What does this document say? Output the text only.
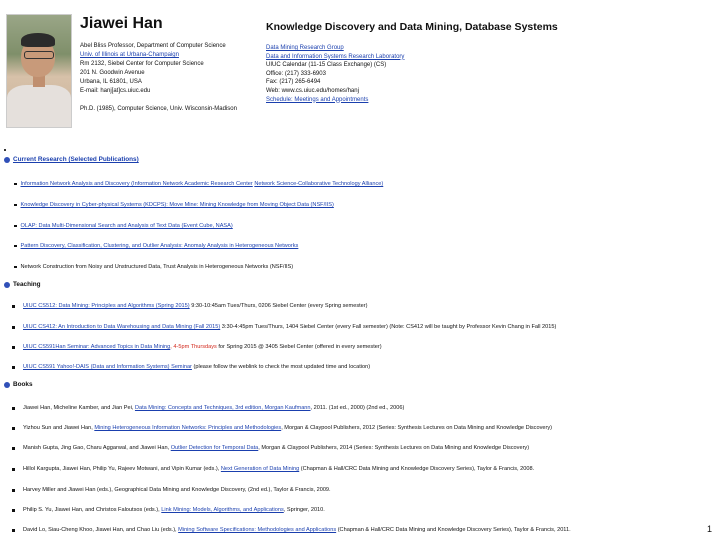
Jiawei Han
Abel Bliss Professor, Department of Computer Science
Univ. of Illinois at Urbana-Champaign
Rm 2132, Siebel Center for Computer Science
201 N. Goodwin Avenue
Urbana, IL 61801, USA
E-mail: hanj[at]cs.uiuc.edu

Ph.D. (1985), Computer Science, Univ. Wisconsin-Madison
Knowledge Discovery and Data Mining, Database Systems
Data Mining Research Group
Data and Information Systems Research Laboratory
UIUC Calendar (11-15 Class Exchange) (CS)
Office: (217) 333-6903
Fax: (217) 265-6494
Web: www.cs.uiuc.edu/homes/hanj
Schedule: Meetings and Appointments
Current Research (Selected Publications)
Information Network Analysis and Discovery (Information Network Academic Research Center Network Science-Collaborative Technology Alliance)
Knowledge Discovery in Cyber-physical Systems (KDCPS): Move Mine: Mining Knowledge from Moving Object Data (NSF/IIS)
OLAP: Data Multi-Dimensional Search and Analysis of Text Data (Event Cube, NASA)
Pattern Discovery, Classification, Clustering, and Outlier Analysis: Anomaly Analysis in Heterogeneous Networks
Network Construction from Noisy and Unstructured Data, Trust Analysis in Heterogeneous Networks (NSF/IIS)
Teaching
UIUC CS512: Data Mining: Principles and Algorithms (Spring 2015) 9:30-10:45am Tues/Thurs, 0206 Siebel Center (every Spring semester)
UIUC CS412: An Introduction to Data Warehousing and Data Mining (Fall 2015) 3:30-4:45pm Tues/Thurs, 1404 Siebel Center (every Fall semester) (Note: CS412 will be taught by Professor Kevin Chang in Fall 2015)
UIUC CS591Han Seminar: Advanced Topics in Data Mining, 4-5pm Thursdays for Spring 2015 @ 3405 Siebel Center (offered in every semester)
UIUC CS591 Yahoo!-DAIS (Data and Information Systems) Seminar (please follow the weblink to check the most updated time and location)
Books
Jiawei Han, Micheline Kamber, and Jian Pei, Data Mining: Concepts and Techniques, 3rd edition, Morgan Kaufmann, 2011. (1st ed., 2000) (2nd ed., 2006)
Yizhou Sun and Jiawei Han, Mining Heterogeneous Information Networks: Principles and Methodologies, Morgan & Claypool Publishers, 2012 (Series: Synthesis Lectures on Data Mining and Knowledge Discovery)
Manish Gupta, Jing Gao, Charu Aggarwal, and Jiawei Han, Outlier Detection for Temporal Data, Morgan & Claypool Publishers, 2014 (Series: Synthesis Lectures on Data Mining and Knowledge Discovery)
Hillol Kargupta, Jiawei Han, Philip Yu, Rajeev Motwani, and Vipin Kumar (eds.), Next Generation of Data Mining (Chapman & Hall/CRC Data Mining and Knowledge Discovery Series), Taylor & Francis, 2008.
Harvey Miller and Jiawei Han (eds.), Geographical Data Mining and Knowledge Discovery, (2nd ed.), Taylor & Francis, 2009.
Philip S. Yu, Jiawei Han, and Christos Faloutsos (eds.), Link Mining: Models, Algorithms, and Applications, Springer, 2010.
David Lo, Siau-Cheng Khoo, Jiawei Han, and Chao Liu (eds.), Mining Software Specifications: Methodologies and Applications (Chapman & Hall/CRC Data Mining and Knowledge Discovery Series), Taylor & Francis, 2011.	1
